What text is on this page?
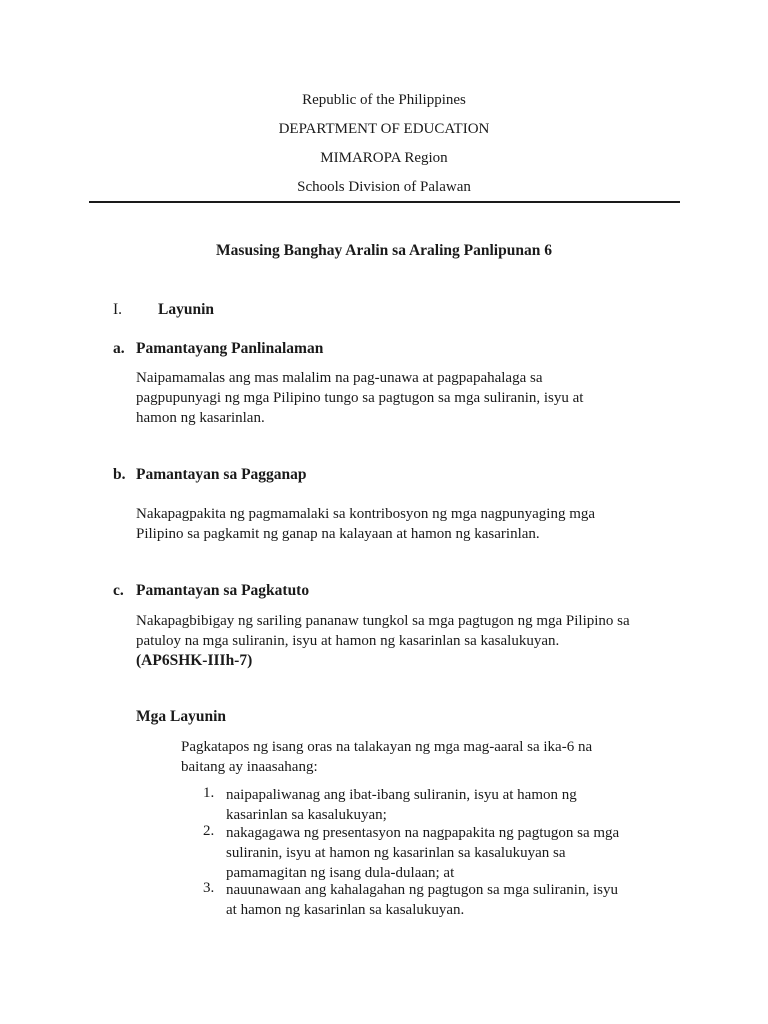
Republic of the Philippines
DEPARTMENT OF EDUCATION
MIMAROPA Region
Schools Division of Palawan
Masusing Banghay Aralin sa Araling Panlipunan 6
I. Layunin
a. Pamantayang Panlinalaman
Naipamamalas ang mas malalim na pag-unawa at pagpapahalaga sa
pagpupunyagi ng mga Pilipino tungo sa pagtugon sa mga suliranin, isyu at
hamon ng kasarinlan.
b. Pamantayan sa Pagganap
Nakapagpakita ng pagmamalaki sa kontribosyon ng mga nagpunyaging mga
Pilipino sa pagkamit ng ganap na kalayaan at hamon ng kasarinlan.
c. Pamantayan sa Pagkatuto
Nakapagbibigay ng sariling pananaw tungkol sa mga pagtugon ng mga Pilipino sa
patuloy na mga suliranin, isyu at hamon ng kasarinlan sa kasalukuyan.
(AP6SHK-IIIh-7)
Mga Layunin
Pagkatapos ng isang oras na talakayan ng mga mag-aaral sa ika-6 na
baitang ay inaasahang:
1. naipapaliwanag ang ibat-ibang suliranin, isyu at hamon ng
kasarinlan sa kasalukuyan;
2. nakagagawa ng presentasyon na nagpapakita ng pagtugon sa mga
suliranin, isyu at hamon ng kasarinlan sa kasalukuyan sa
pamamagitan ng isang dula-dulaan; at
3. nauunawaan ang kahalagahan ng pagtugon sa mga suliranin, isyu
at hamon ng kasarinlan sa kasalukuyan.
